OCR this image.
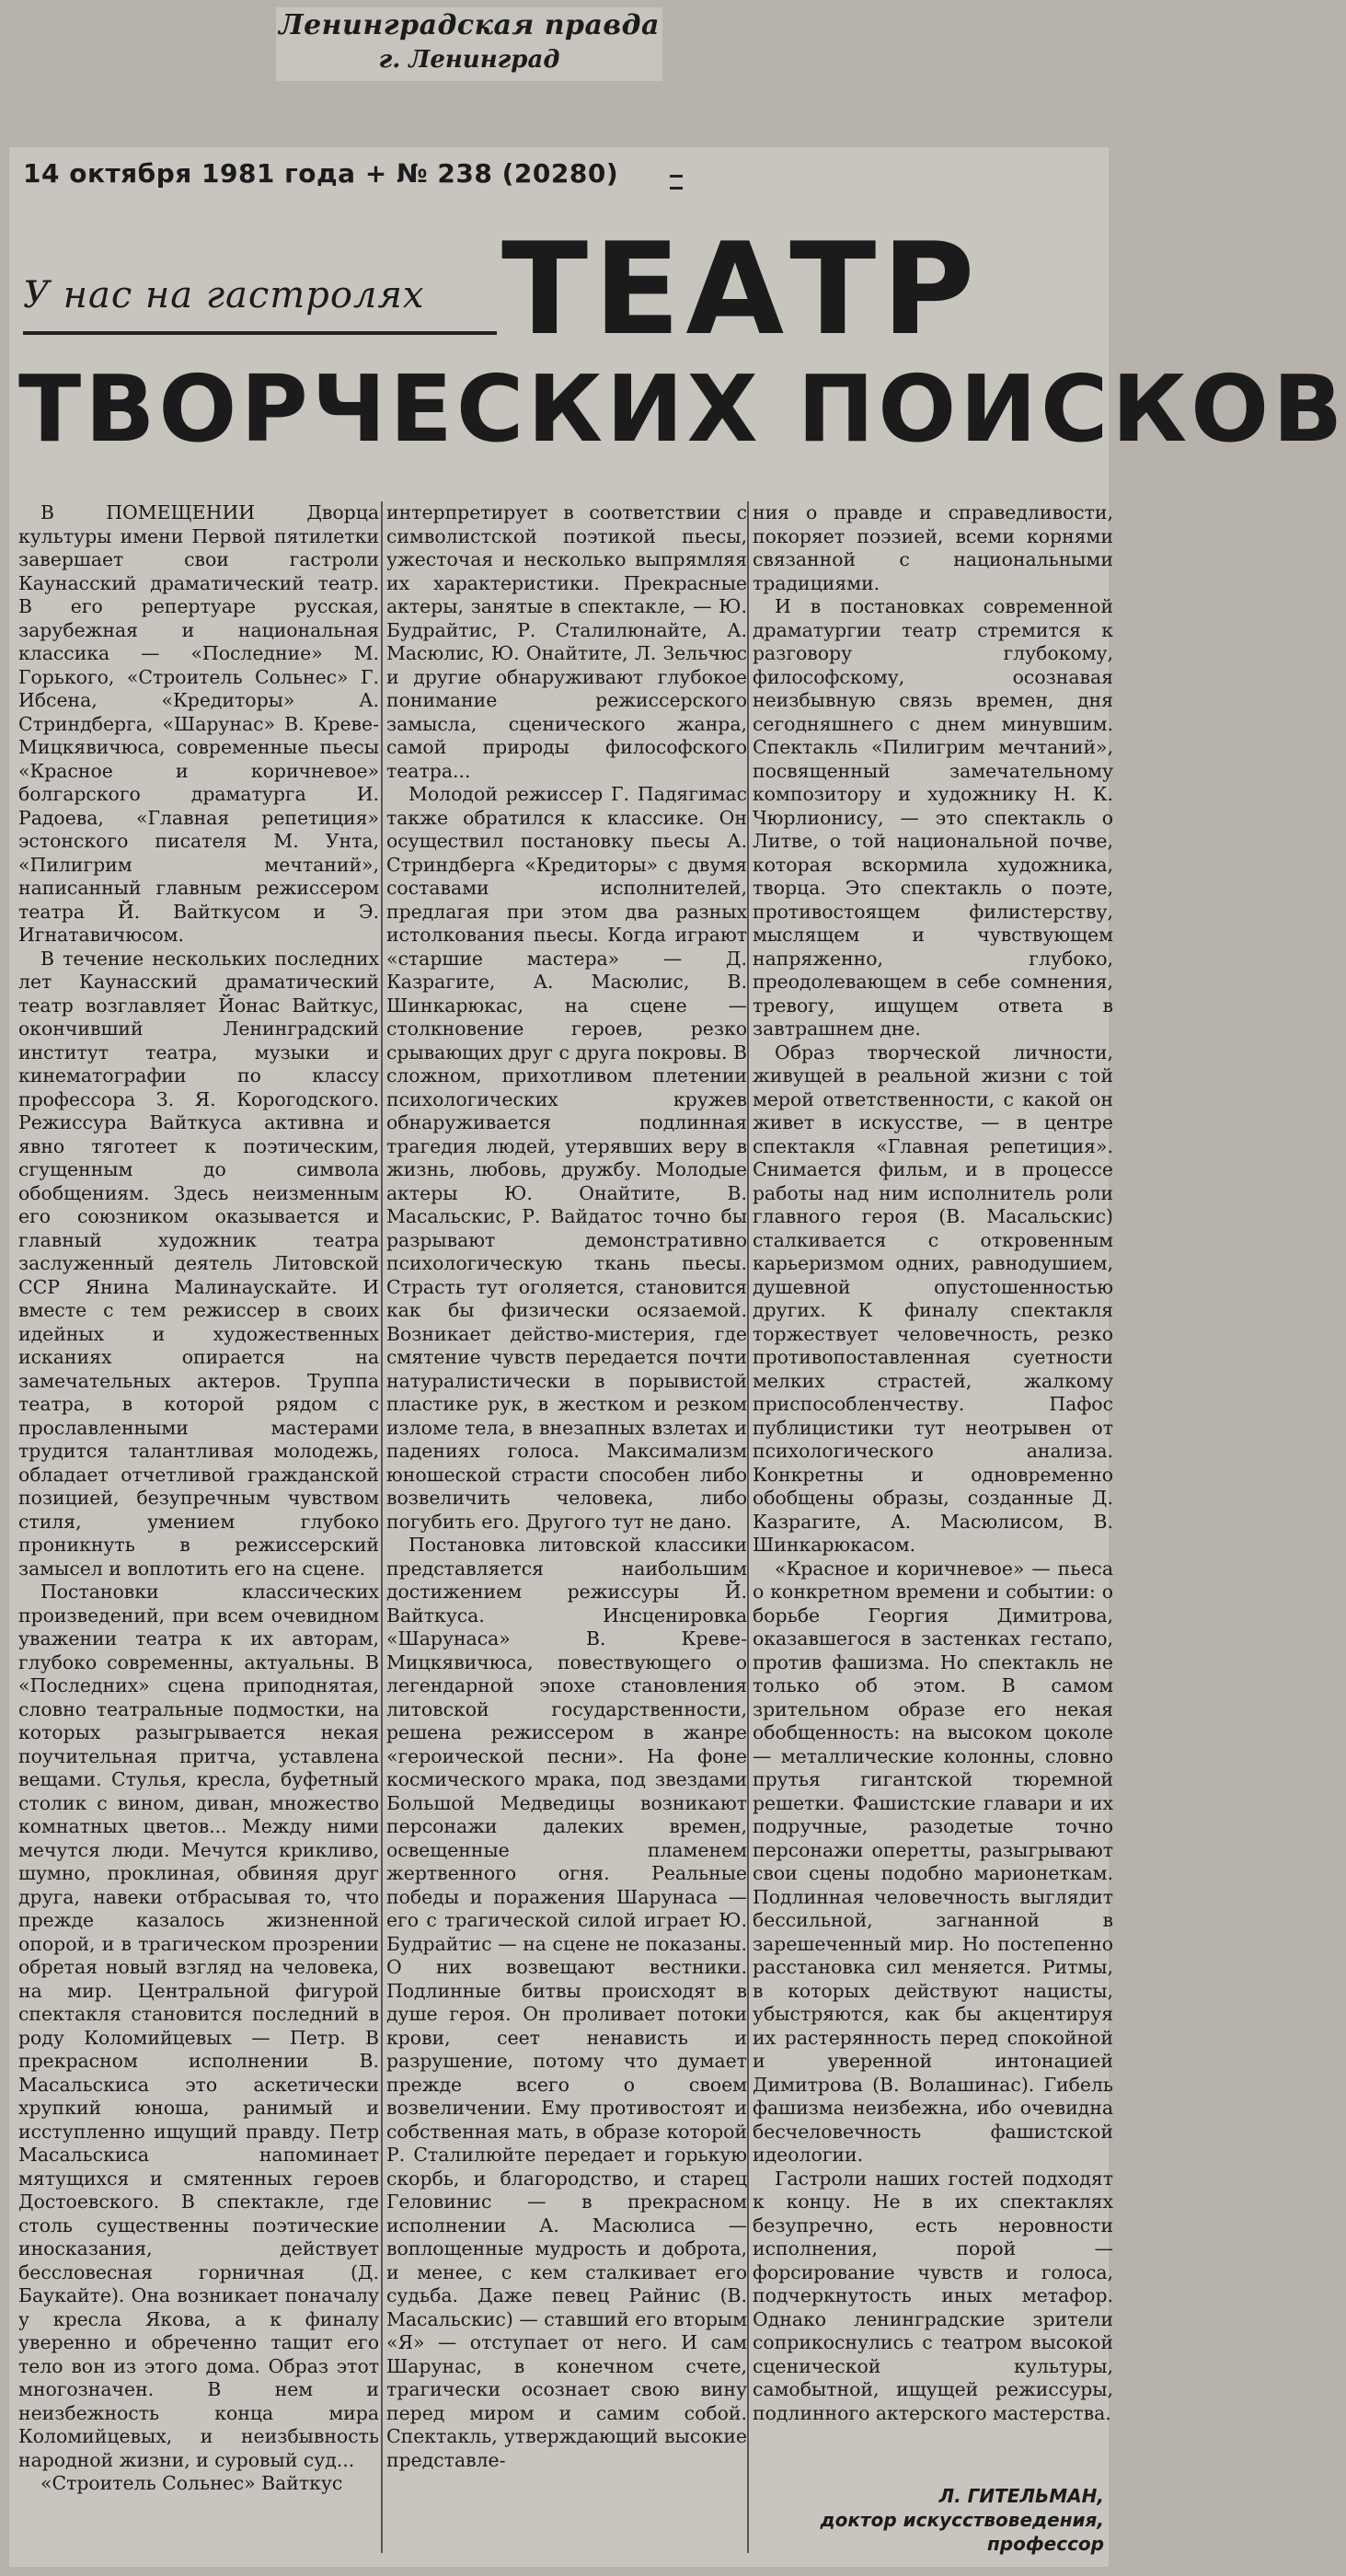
Ленинградская правда
г. Ленинград
14 октября 1981 года + № 238 (20280)
У нас на гастролях ТЕАТР
ТВОРЧЕСКИХ ПОИСКОВ

В ПОМЕЩЕНИИ Дворца культуры имени Первой пятилетки завершает свои гастроли Каунасский драматический театр. В его репертуаре русская, зарубежная и национальная классика — «Последние» М. Горького, «Строитель Сольнес» Г. Ибсена, «Кредиторы» А. Стриндберга, «Шарунас» В. Креве-Мицкявичюса, современные пьесы «Красное и коричневое» болгарского драматурга И. Радоева, «Главная репетиция» эстонского писателя М. Унта, «Пилигрим мечтаний», написанный главным режиссером театра Й. Вайткусом и Э. Игнатавичюсом.

В течение нескольких последних лет Каунасский драматический театр возглавляет Йонас Вайткус, окончивший Ленинградский институт театра, музыки и кинематографии по классу профессора З. Я. Корогодского. Режиссура Вайткуса активна и явно тяготеет к поэтическим, сгущенным до символа обобщениям. Здесь неизменным его союзником оказывается и главный художник театра заслуженный деятель Литовской ССР Янина Малинаускайте. И вместе с тем режиссер в своих идейных и художественных исканиях опирается на замечательных актеров. Труппа театра, в которой рядом с прославленными мастерами трудится талантливая молодежь, обладает отчетливой гражданской позицией, безупречным чувством стиля, умением глубоко проникнуть в режиссерский замысел и воплотить его на сцене.

Постановки классических произведений, при всем очевидном уважении театра к их авторам, глубоко современны, актуальны. В «Последних» сцена приподнятая, словно театральные подмостки, на которых разыгрывается некая поучительная притча, уставлена вещами. Стулья, кресла, буфетный столик с вином, диван, множество комнатных цветов... Между ними мечутся люди. Мечутся крикливо, шумно, проклиная, обвиняя друг друга, навеки отбрасывая то, что прежде казалось жизненной опорой, и в трагическом прозрении обретая новый взгляд на человека, на мир. Центральной фигурой спектакля становится последний в роду Коломийцевых — Петр. В прекрасном исполнении В. Масальскиса это аскетически хрупкий юноша, ранимый и исступленно ищущий правду. Петр Масальскиса напоминает мятущихся и смятенных героев Достоевского. В спектакле, где столь существенны поэтические иносказания, действует бессловесная горничная (Д. Баукайте). Она возникает поначалу у кресла Якова, а к финалу уверенно и обреченно тащит его тело вон из этого дома. Образ этот многозначен. В нем и неизбежность конца мира Коломийцевых, и неизбывность народной жизни, и суровый суд...

«Строитель Сольнес» Вайткус

интерпретирует в соответствии с символистской поэтикой пьесы, ужесточая и несколько выпрямляя их характеристики. Прекрасные актеры, занятые в спектакле, — Ю. Будрайтис, Р. Сталилюнайте, А. Масюлис, Ю. Онайтите, Л. Зельчюс и другие обнаруживают глубокое понимание режиссерского замысла, сценического жанра, самой природы философского театра...

Молодой режиссер Г. Падягимас также обратился к классике. Он осуществил постановку пьесы А. Стриндберга «Кредиторы» с двумя составами исполнителей, предлагая при этом два разных истолкования пьесы. Когда играют «старшие мастера» — Д. Казрагите, А. Масюлис, В. Шинкарюкас, на сцене — столкновение героев, резко срывающих друг с друга покровы. В сложном, прихотливом плетении психологических кружев обнаруживается подлинная трагедия людей, утерявших веру в жизнь, любовь, дружбу. Молодые актеры Ю. Онайтите, В. Масальскис, Р. Вайдатос точно бы разрывают демонстративно психологическую ткань пьесы. Страсть тут оголяется, становится как бы физически осязаемой. Возникает действо-мистерия, где смятение чувств передается почти натуралистически в порывистой пластике рук, в жестком и резком изломе тела, в внезапных взлетах и падениях голоса. Максимализм юношеской страсти способен либо возвеличить человека, либо погубить его. Другого тут не дано.

Постановка литовской классики представляется наибольшим достижением режиссуры Й. Вайткуса. Инсценировка «Шарунаса» В. Креве-Мицкявичюса, повествующего о легендарной эпохе становления литовской государственности, решена режиссером в жанре «героической песни». На фоне космического мрака, под звездами Большой Медведицы возникают персонажи далеких времен, освещенные пламенем жертвенного огня. Реальные победы и поражения Шарунаса — его с трагической силой играет Ю. Будрайтис — на сцене не показаны. О них возвещают вестники. Подлинные битвы происходят в душе героя. Он проливает потоки крови, сеет ненависть и разрушение, потому что думает прежде всего о своем возвеличении. Ему противостоят и собственная мать, в образе которой Р. Сталилюйте передает и горькую скорбь, и благородство, и старец Геловинис — в прекрасном исполнении А. Масюлиса — воплощенные мудрость и доброта, и менее, с кем сталкивает его судьба. Даже певец Райнис (В. Масальскис) — ставший его вторым «Я» — отступает от него. И сам Шарунас, в конечном счете, трагически осознает свою вину перед миром и самим собой. Спектакль, утверждающий высокие представле-

ния о правде и справедливости, покоряет поэзией, всеми корнями связанной с национальными традициями.

И в постановках современной драматургии театр стремится к разговору глубокому, философскому, осознавая неизбывную связь времен, дня сегодняшнего с днем минувшим. Спектакль «Пилигрим мечтаний», посвященный замечательному композитору и художнику Н. К. Чюрлионису, — это спектакль о Литве, о той национальной почве, которая вскормила художника, творца. Это спектакль о поэте, противостоящем филистерству, мыслящем и чувствующем напряженно, глубоко, преодолевающем в себе сомнения, тревогу, ищущем ответа в завтрашнем дне.

Образ творческой личности, живущей в реальной жизни с той мерой ответственности, с какой он живет в искусстве, — в центре спектакля «Главная репетиция». Снимается фильм, и в процессе работы над ним исполнитель роли главного героя (В. Масальскис) сталкивается с откровенным карьеризмом одних, равнодушием, душевной опустошенностью других. К финалу спектакля торжествует человечность, резко противопоставленная суетности мелких страстей, жалкому приспособленчеству. Пафос публицистики тут неотрывен от психологического анализа. Конкретны и одновременно обобщены образы, созданные Д. Казрагите, А. Масюлисом, В. Шинкарюкасом.

«Красное и коричневое» — пьеса о конкретном времени и событии: о борьбе Георгия Димитрова, оказавшегося в застенках гестапо, против фашизма. Но спектакль не только об этом. В самом зрительном образе его некая обобщенность: на высоком цоколе — металлические колонны, словно прутья гигантской тюремной решетки. Фашистские главари и их подручные, разодетые точно персонажи оперетты, разыгрывают свои сцены подобно марионеткам. Подлинная человечность выглядит бессильной, загнанной в зарешеченный мир. Но постепенно расстановка сил меняется. Ритмы, в которых действуют нацисты, убыстряются, как бы акцентируя их растерянность перед спокойной и уверенной интонацией Димитрова (В. Волашинас). Гибель фашизма неизбежна, ибо очевидна бесчеловечность фашистской идеологии.

Гастроли наших гостей подходят к концу. Не в их спектаклях безупречно, есть неровности исполнения, порой — форсирование чувств и голоса, подчеркнутость иных метафор. Однако ленинградские зрители соприкоснулись с театром высокой сценической культуры, самобытной, ищущей режиссуры, подлинного актерского мастерства.

Л. ГИТЕЛЬМАН,
доктор искусствоведения,
профессор
